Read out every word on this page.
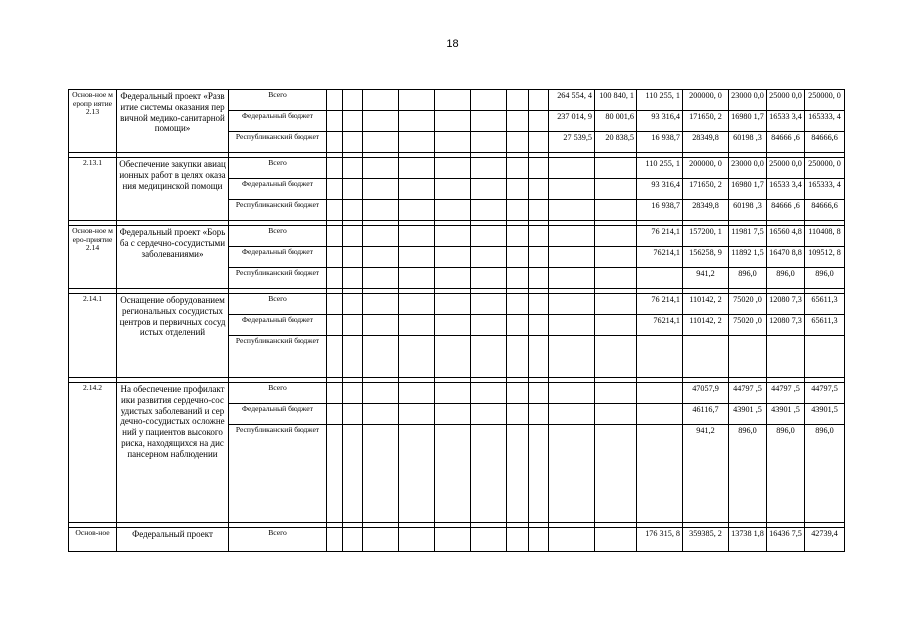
18
Основ-ное меропр иятие 2.13	Федеральный проект «Развитие системы оказания первичной медико-санитарной помощи»	Всего									264 554, 4	100 840, 1	110 255, 1	200000, 0	23000 0,0	25000 0,0	250000, 0
		Федеральный бюджет									237 014, 9	80 001,6	93 316,4	171650, 2	16980 1,7	16533 3,4	165333, 4
		Республиканский бюджет									27 539,5	20 838,5	16 938,7	28349,8	60198 ,3	84666 ,6	84666,6

2.13.1	Обеспечение закупки авиационных работ в целях оказания медицинской помощи	Всего											110 255, 1	200000, 0	23000 0,0	25000 0,0	250000, 0
		Федеральный бюджет											93 316,4	171650, 2	16980 1,7	16533 3,4	165333, 4
		Республиканский бюджет											16 938,7	28349,8	60198 ,3	84666 ,6	84666,6

Основ-ное меро-приятие 2.14	Федеральный проект «Борьба с сердечно-сосудистыми заболеваниями»	Всего											76 214,1	157200, 1	11981 7,5	16560 4,8	110408, 8
		Федеральный бюджет											76214,1	156258, 9	11892 1,5	16470 8,8	109512, 8
		Республиканский бюджет												941,2	896,0	896,0	896,0

2.14.1	Оснащение оборудованием региональных сосудистых центров и первичных сосудистых отделений	Всего											76 214,1	110142, 2	75020 ,0	12080 7,3	65611,3
		Федеральный бюджет											76214,1	110142, 2	75020 ,0	12080 7,3	65611,3
		Республиканский бюджет															

2.14.2	На обеспечение профилактики развития сердечно-сосудистых заболеваний и сердечно-сосудистых осложнений у пациентов высокого риска, находящихся на диспансерном наблюдении	Всего												47057,9	44797 ,5	44797 ,5	44797,5
		Федеральный бюджет												46116,7	43901 ,5	43901 ,5	43901,5
		Республиканский бюджет												941,2	896,0	896,0	896,0

Основ-ное	Федеральный проект	Всего											176 315, 8	359385, 2	13738 1,8	16436 7,5	42739,4
